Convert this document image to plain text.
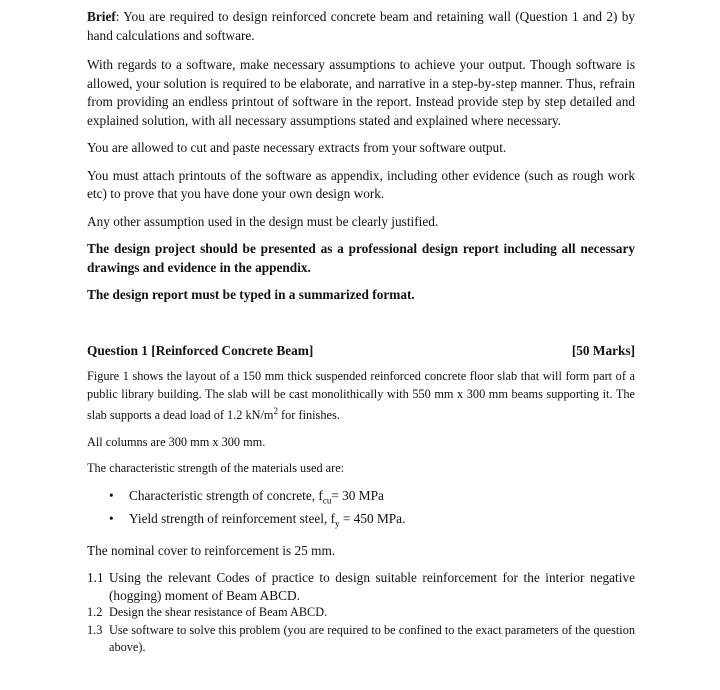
Brief: You are required to design reinforced concrete beam and retaining wall (Question 1 and 2) by hand calculations and software.

With regards to a software, make necessary assumptions to achieve your output. Though software is allowed, your solution is required to be elaborate, and narrative in a step-by-step manner. Thus, refrain from providing an endless printout of software in the report. Instead provide step by step detailed and explained solution, with all necessary assumptions stated and explained where necessary.

You are allowed to cut and paste necessary extracts from your software output.

You must attach printouts of the software as appendix, including other evidence (such as rough work etc) to prove that you have done your own design work.

Any other assumption used in the design must be clearly justified.

The design project should be presented as a professional design report including all necessary drawings and evidence in the appendix.

The design report must be typed in a summarized format.

Question 1 [Reinforced Concrete Beam]	[50 Marks]

Figure 1 shows the layout of a 150 mm thick suspended reinforced concrete floor slab that will form part of a public library building. The slab will be cast monolithically with 550 mm x 300 mm beams supporting it. The slab supports a dead load of 1.2 $kN/m^2$ for finishes.

All columns are 300 mm x 300 mm.

The characteristic strength of the materials used are:

• Characteristic strength of concrete, $f_{cu}= 30$ MPa
• Yield strength of reinforcement steel, $f_y = 450$ MPa.

The nominal cover to reinforcement is 25 mm.

1.1 Using the relevant Codes of practice to design suitable reinforcement for the interior negative (hogging) moment of Beam ABCD.
1.2 Design the shear resistance of Beam ABCD.
1.3 Use software to solve this problem (you are required to be confined to the exact parameters of the question above).
